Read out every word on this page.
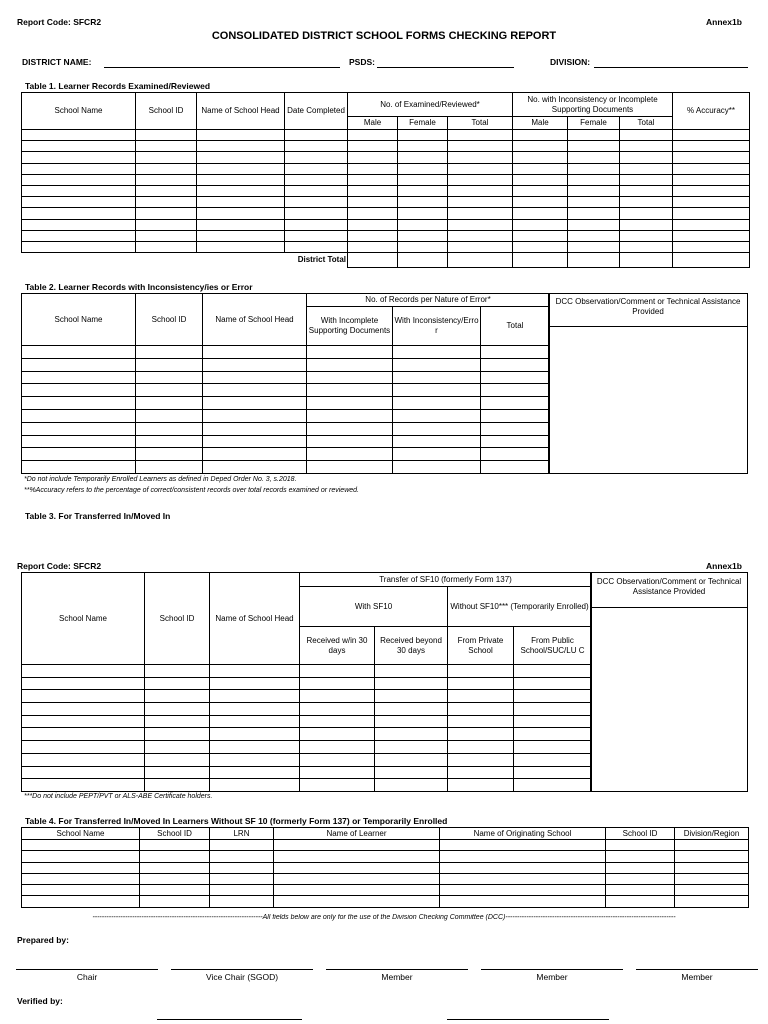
Report Code: SFCR2	Annex1b
CONSOLIDATED DISTRICT SCHOOL FORMS CHECKING REPORT
DISTRICT NAME:	PSDS:	DIVISION:
Table 1. Learner Records Examined/Reviewed
School Name	School ID	Name of School Head	Date Completed	No. of Examined/Reviewed*			No. with Inconsistency or Incomplete Supporting Documents			% Accuracy**
				Male	Female	Total	Male	Female	Total	

			District Total							
Table 2. Learner Records with Inconsistency/ies or Error
School Name	School ID	Name of School Head	No. of Records per Nature of Error*		
			With Incomplete Supporting Documents	With Inconsistency/Erro r	Total

DCC Observation/Comment or Technical Assistance Provided
*Do not include Temporarily Enrolled Learners as defined in Deped Order No. 3, s.2018.
**%Accuracy refers to the percentage of correct/consistent records over total records examined or reviewed.
Table 3. For Transferred In/Moved In
Report Code: SFCR2	Annex1b
School Name	School ID	Name of School Head	Transfer of SF10 (formerly Form 137)			
			With SF10		Without SF10*** (Temporarily Enrolled)	
			Received w/in 30 days	Received beyond 30 days	From Private School	From Public School/SUC/LU C

DCC Observation/Comment or Technical Assistance Provided
***Do not include PEPT/PVT or ALS-ABE Certificate holders.
Table 4. For Transferred In/Moved In Learners Without SF 10 (formerly Form 137) or Temporarily Enrolled
School Name	School ID	LRN	Name of Learner	Name of Originating School	School ID	Division/Region

-------------------------------------------------------------------------All fields below are only for the use of the Division Checking Committee (DCC)-------------------------------------------------------------------------
Prepared by:
Chair	Vice Chair (SGOD)	Member	Member	Member
Verified by:
